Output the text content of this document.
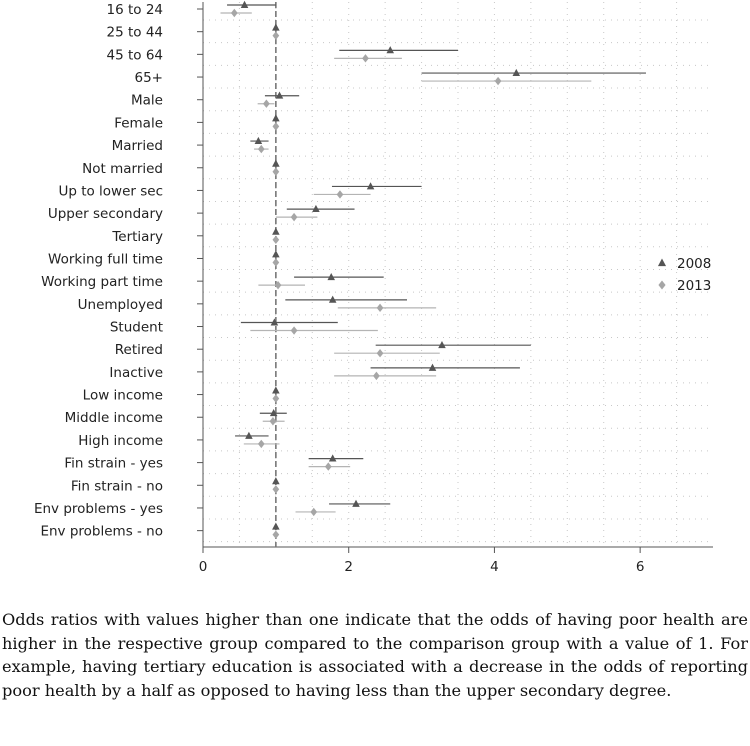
0	2	4	6
16 to 24
25 to 44
45 to 64
65+
Male
Female
Married
Not married
Up to lower sec
Upper secondary
Tertiary
Working full time
Working part time
Unemployed
Student
Retired
Inactive
Low income
Middle income
High income
Fin strain - yes
Fin strain - no
Env problems - yes
Env problems - no
2008
2013

Odds ratios with values higher than one indicate that the odds of having poor health are higher in the respective group compared to the comparison group with a value of 1. For example, having tertiary education is associated with a decrease in the odds of reporting poor health by a half as opposed to having less than the upper secondary degree.
